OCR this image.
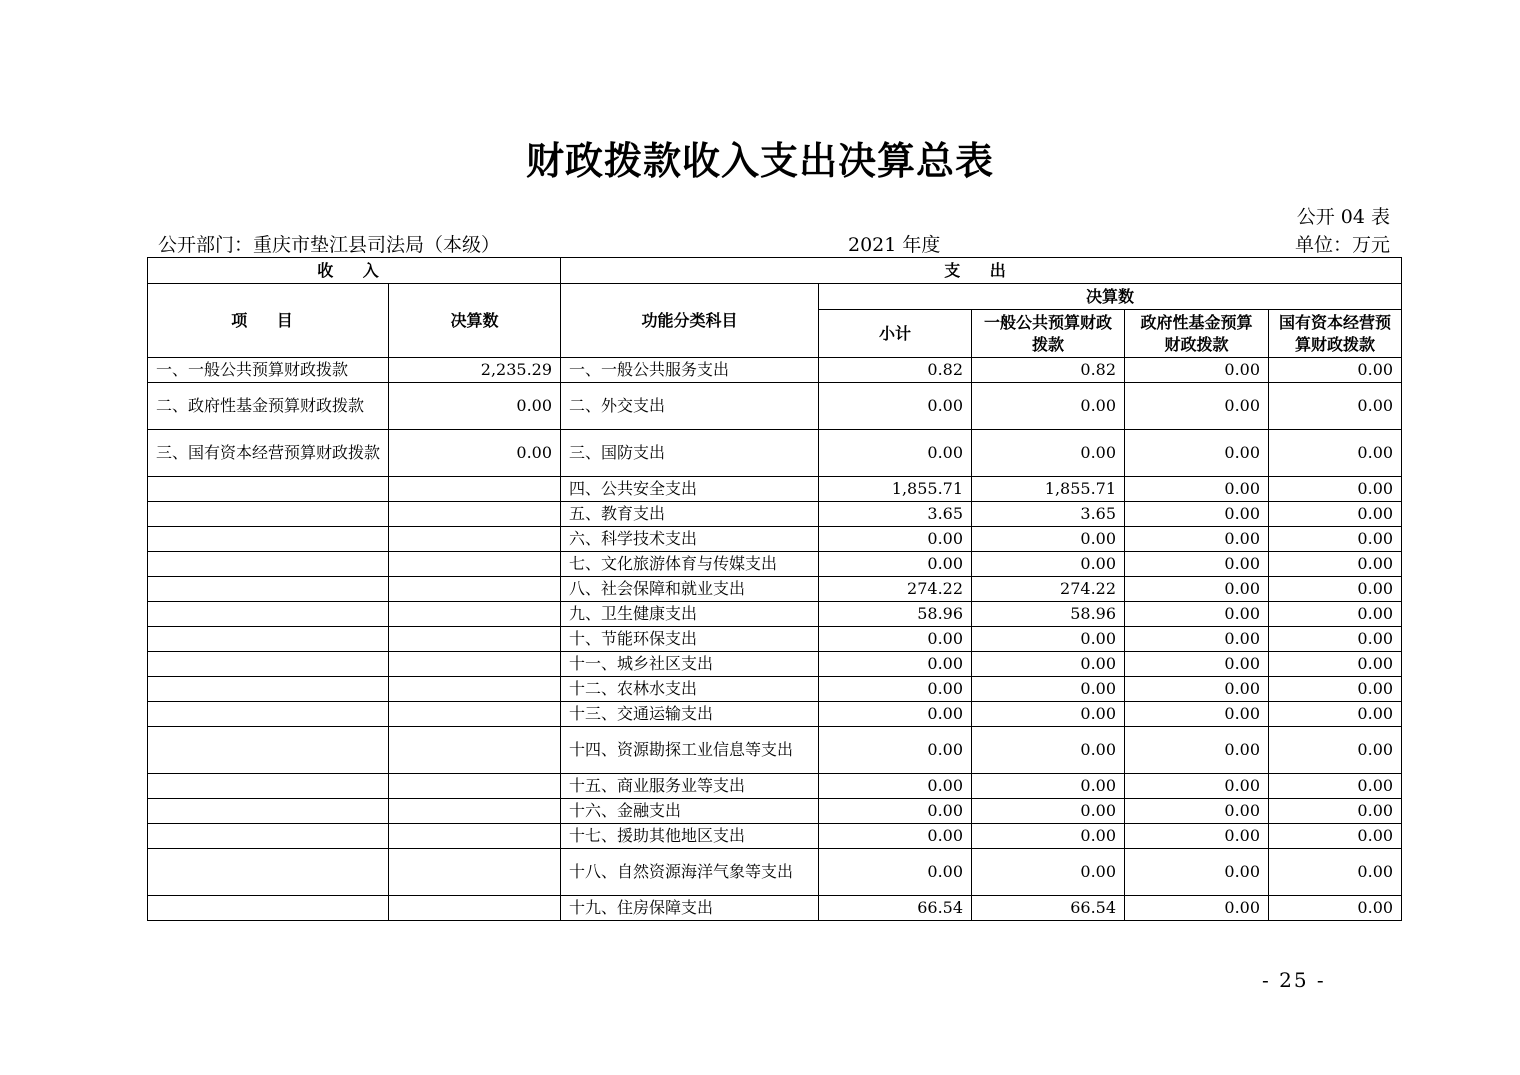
财政拨款收入支出决算总表
公开 04 表
公开部门：重庆市垫江县司法局（本级）	2021 年度	单位：万元
收 入		支 出				
项 目	决算数	功能分类科目	决算数			
			小计	一般公共预算财政拨款	政府性基金预算财政拨款	国有资本经营预算财政拨款
一、一般公共预算财政拨款	2,235.29	一、一般公共服务支出	0.82	0.82	0.00	0.00
二、政府性基金预算财政拨款	0.00	二、外交支出	0.00	0.00	0.00	0.00
三、国有资本经营预算财政拨款	0.00	三、国防支出	0.00	0.00	0.00	0.00
		四、公共安全支出	1,855.71	1,855.71	0.00	0.00
		五、教育支出	3.65	3.65	0.00	0.00
		六、科学技术支出	0.00	0.00	0.00	0.00
		七、文化旅游体育与传媒支出	0.00	0.00	0.00	0.00
		八、社会保障和就业支出	274.22	274.22	0.00	0.00
		九、卫生健康支出	58.96	58.96	0.00	0.00
		十、节能环保支出	0.00	0.00	0.00	0.00
		十一、城乡社区支出	0.00	0.00	0.00	0.00
		十二、农林水支出	0.00	0.00	0.00	0.00
		十三、交通运输支出	0.00	0.00	0.00	0.00
		十四、资源勘探工业信息等支出	0.00	0.00	0.00	0.00
		十五、商业服务业等支出	0.00	0.00	0.00	0.00
		十六、金融支出	0.00	0.00	0.00	0.00
		十七、援助其他地区支出	0.00	0.00	0.00	0.00
		十八、自然资源海洋气象等支出	0.00	0.00	0.00	0.00
		十九、住房保障支出	66.54	66.54	0.00	0.00
- 25 -
